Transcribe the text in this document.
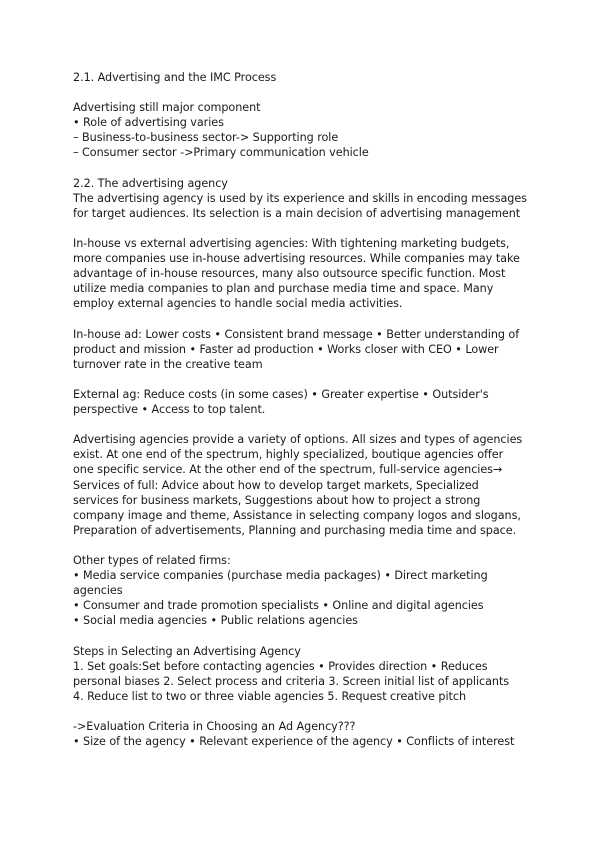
2.1. Advertising and the IMC Process

Advertising still major component

• Role of advertising varies

– Business-to-business sector-> Supporting role

– Consumer sector ->Primary communication vehicle

2.2. The advertising agency

The advertising agency is used by its experience and skills in encoding messages

for target audiences. Its selection is a main decision of advertising management

In-house vs external advertising agencies: With tightening marketing budgets,

more companies use in-house advertising resources. While companies may take

advantage of in-house resources, many also outsource specific function. Most

utilize media companies to plan and purchase media time and space. Many

employ external agencies to handle social media activities.

In-house ad: Lower costs • Consistent brand message • Better understanding of

product and mission • Faster ad production • Works closer with CEO • Lower

turnover rate in the creative team

External ag: Reduce costs (in some cases) • Greater expertise • Outsider's

perspective • Access to top talent.

Advertising agencies provide a variety of options. All sizes and types of agencies

exist. At one end of the spectrum, highly specialized, boutique agencies offer

one specific service. At the other end of the spectrum, full-service agencies→

Services of full: Advice about how to develop target markets, Specialized

services for business markets, Suggestions about how to project a strong

company image and theme, Assistance in selecting company logos and slogans,

Preparation of advertisements, Planning and purchasing media time and space.

Other types of related firms:

• Media service companies (purchase media packages) • Direct marketing

agencies

• Consumer and trade promotion specialists • Online and digital agencies

• Social media agencies • Public relations agencies

Steps in Selecting an Advertising Agency

1. Set goals:Set before contacting agencies • Provides direction • Reduces

personal biases 2. Select process and criteria 3. Screen initial list of applicants

4. Reduce list to two or three viable agencies 5. Request creative pitch

->Evaluation Criteria in Choosing an Ad Agency???

• Size of the agency • Relevant experience of the agency • Conflicts of interest
